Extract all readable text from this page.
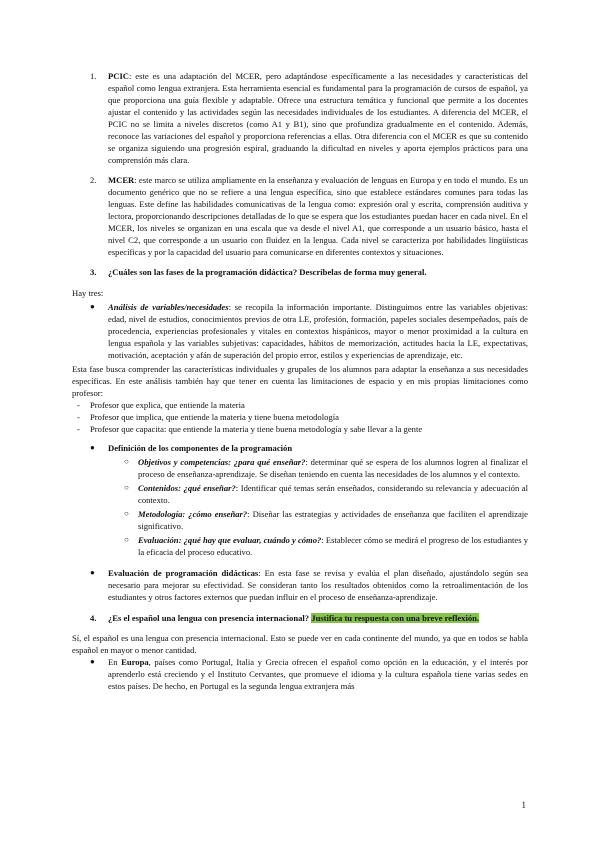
1. PCIC: este es una adaptación del MCER, pero adaptándose específicamente a las necesidades y características del español como lengua extranjera. Esta herramienta esencial es fundamental para la programación de cursos de español, ya que proporciona una guía flexible y adaptable. Ofrece una estructura temática y funcional que permite a los docentes ajustar el contenido y las actividades según las necesidades individuales de los estudiantes. A diferencia del MCER, el PCIC no se limita a niveles discretos (como A1 y B1), sino que profundiza gradualmente en el contenido. Además, reconoce las variaciones del español y proporciona referencias a ellas. Otra diferencia con el MCER es que su contenido se organiza siguiendo una progresión espiral, graduando la dificultad en niveles y aporta ejemplos prácticos para una comprensión más clara.

2. MCER: este marco se utiliza ampliamente en la enseñanza y evaluación de lenguas en Europa y en todo el mundo. Es un documento genérico que no se refiere a una lengua específica, sino que establece estándares comunes para todas las lenguas. Este define las habilidades comunicativas de la lengua como: expresión oral y escrita, comprensión auditiva y lectora, proporcionando descripciones detalladas de lo que se espera que los estudiantes puedan hacer en cada nivel. En el MCER, los niveles se organizan en una escala que va desde el nivel A1, que corresponde a un usuario básico, hasta el nivel C2, que corresponde a un usuario con fluidez en la lengua. Cada nivel se caracteriza por habilidades lingüísticas específicas y por la capacidad del usuario para comunicarse en diferentes contextos y situaciones.

3. ¿Cuáles son las fases de la programación didáctica? Descríbelas de forma muy general.

Hay tres:

● Análisis de variables/necesidades: se recopila la información importante. Distinguimos entre las variables objetivas: edad, nivel de estudios, conocimientos previos de otra LE, profesión, formación, papeles sociales desempeñados, país de procedencia, experiencias profesionales y vitales en contextos hispánicos, mayor o menor proximidad a la cultura en lengua española y las variables subjetivas: capacidades, hábitos de memorización, actitudes hacia la LE, expectativas, motivación, aceptación y afán de superación del propio error, estilos y experiencias de aprendizaje, etc.

Esta fase busca comprender las características individuales y grupales de los alumnos para adaptar la enseñanza a sus necesidades específicas. En este análisis también hay que tener en cuenta las limitaciones de espacio y en mis propias limitaciones como profesor:

- Profesor que explica, que entiende la materia
- Profesor que implica, que entiende la materia y tiene buena metodología
- Profesor que capacita: que entiende la materia y tiene buena metodología y sabe llevar a la gente
● Definición de los componentes de la programación
○ Objetivos y competencias: ¿para qué enseñar?: determinar qué se espera de los alumnos logren al finalizar el proceso de enseñanza-aprendizaje. Se diseñan teniendo en cuenta las necesidades de los alumnos y el contexto.
○ Contenidos: ¿qué enseñar?: Identificar qué temas serán enseñados, considerando su relevancia y adecuación al contexto.
○ Metodología: ¿cómo enseñar?: Diseñar las estrategias y actividades de enseñanza que faciliten el aprendizaje significativo.
○ Evaluación: ¿qué hay que evaluar, cuándo y cómo?: Establecer cómo se medirá el progreso de los estudiantes y la eficacia del proceso educativo.
● Evaluación de programación didácticas: En esta fase se revisa y evalúa el plan diseñado, ajustándolo según sea necesario para mejorar su efectividad. Se consideran tanto los resultados obtenidos como la retroalimentación de los estudiantes y otros factores externos que puedan influir en el proceso de enseñanza-aprendizaje.
4. ¿Es el español una lengua con presencia internacional? Justifica tu respuesta con una breve reflexión.

Sí, el español es una lengua con presencia internacional. Esto se puede ver en cada continente del mundo, ya que en todos se habla español en mayor o menor cantidad.

● En Europa, países como Portugal, Italia y Grecia ofrecen el español como opción en la educación, y el interés por aprenderlo está creciendo y el Instituto Cervantes, que promueve el idioma y la cultura española tiene varias sedes en estos países. De hecho, en Portugal es la segunda lengua extranjera más
1
